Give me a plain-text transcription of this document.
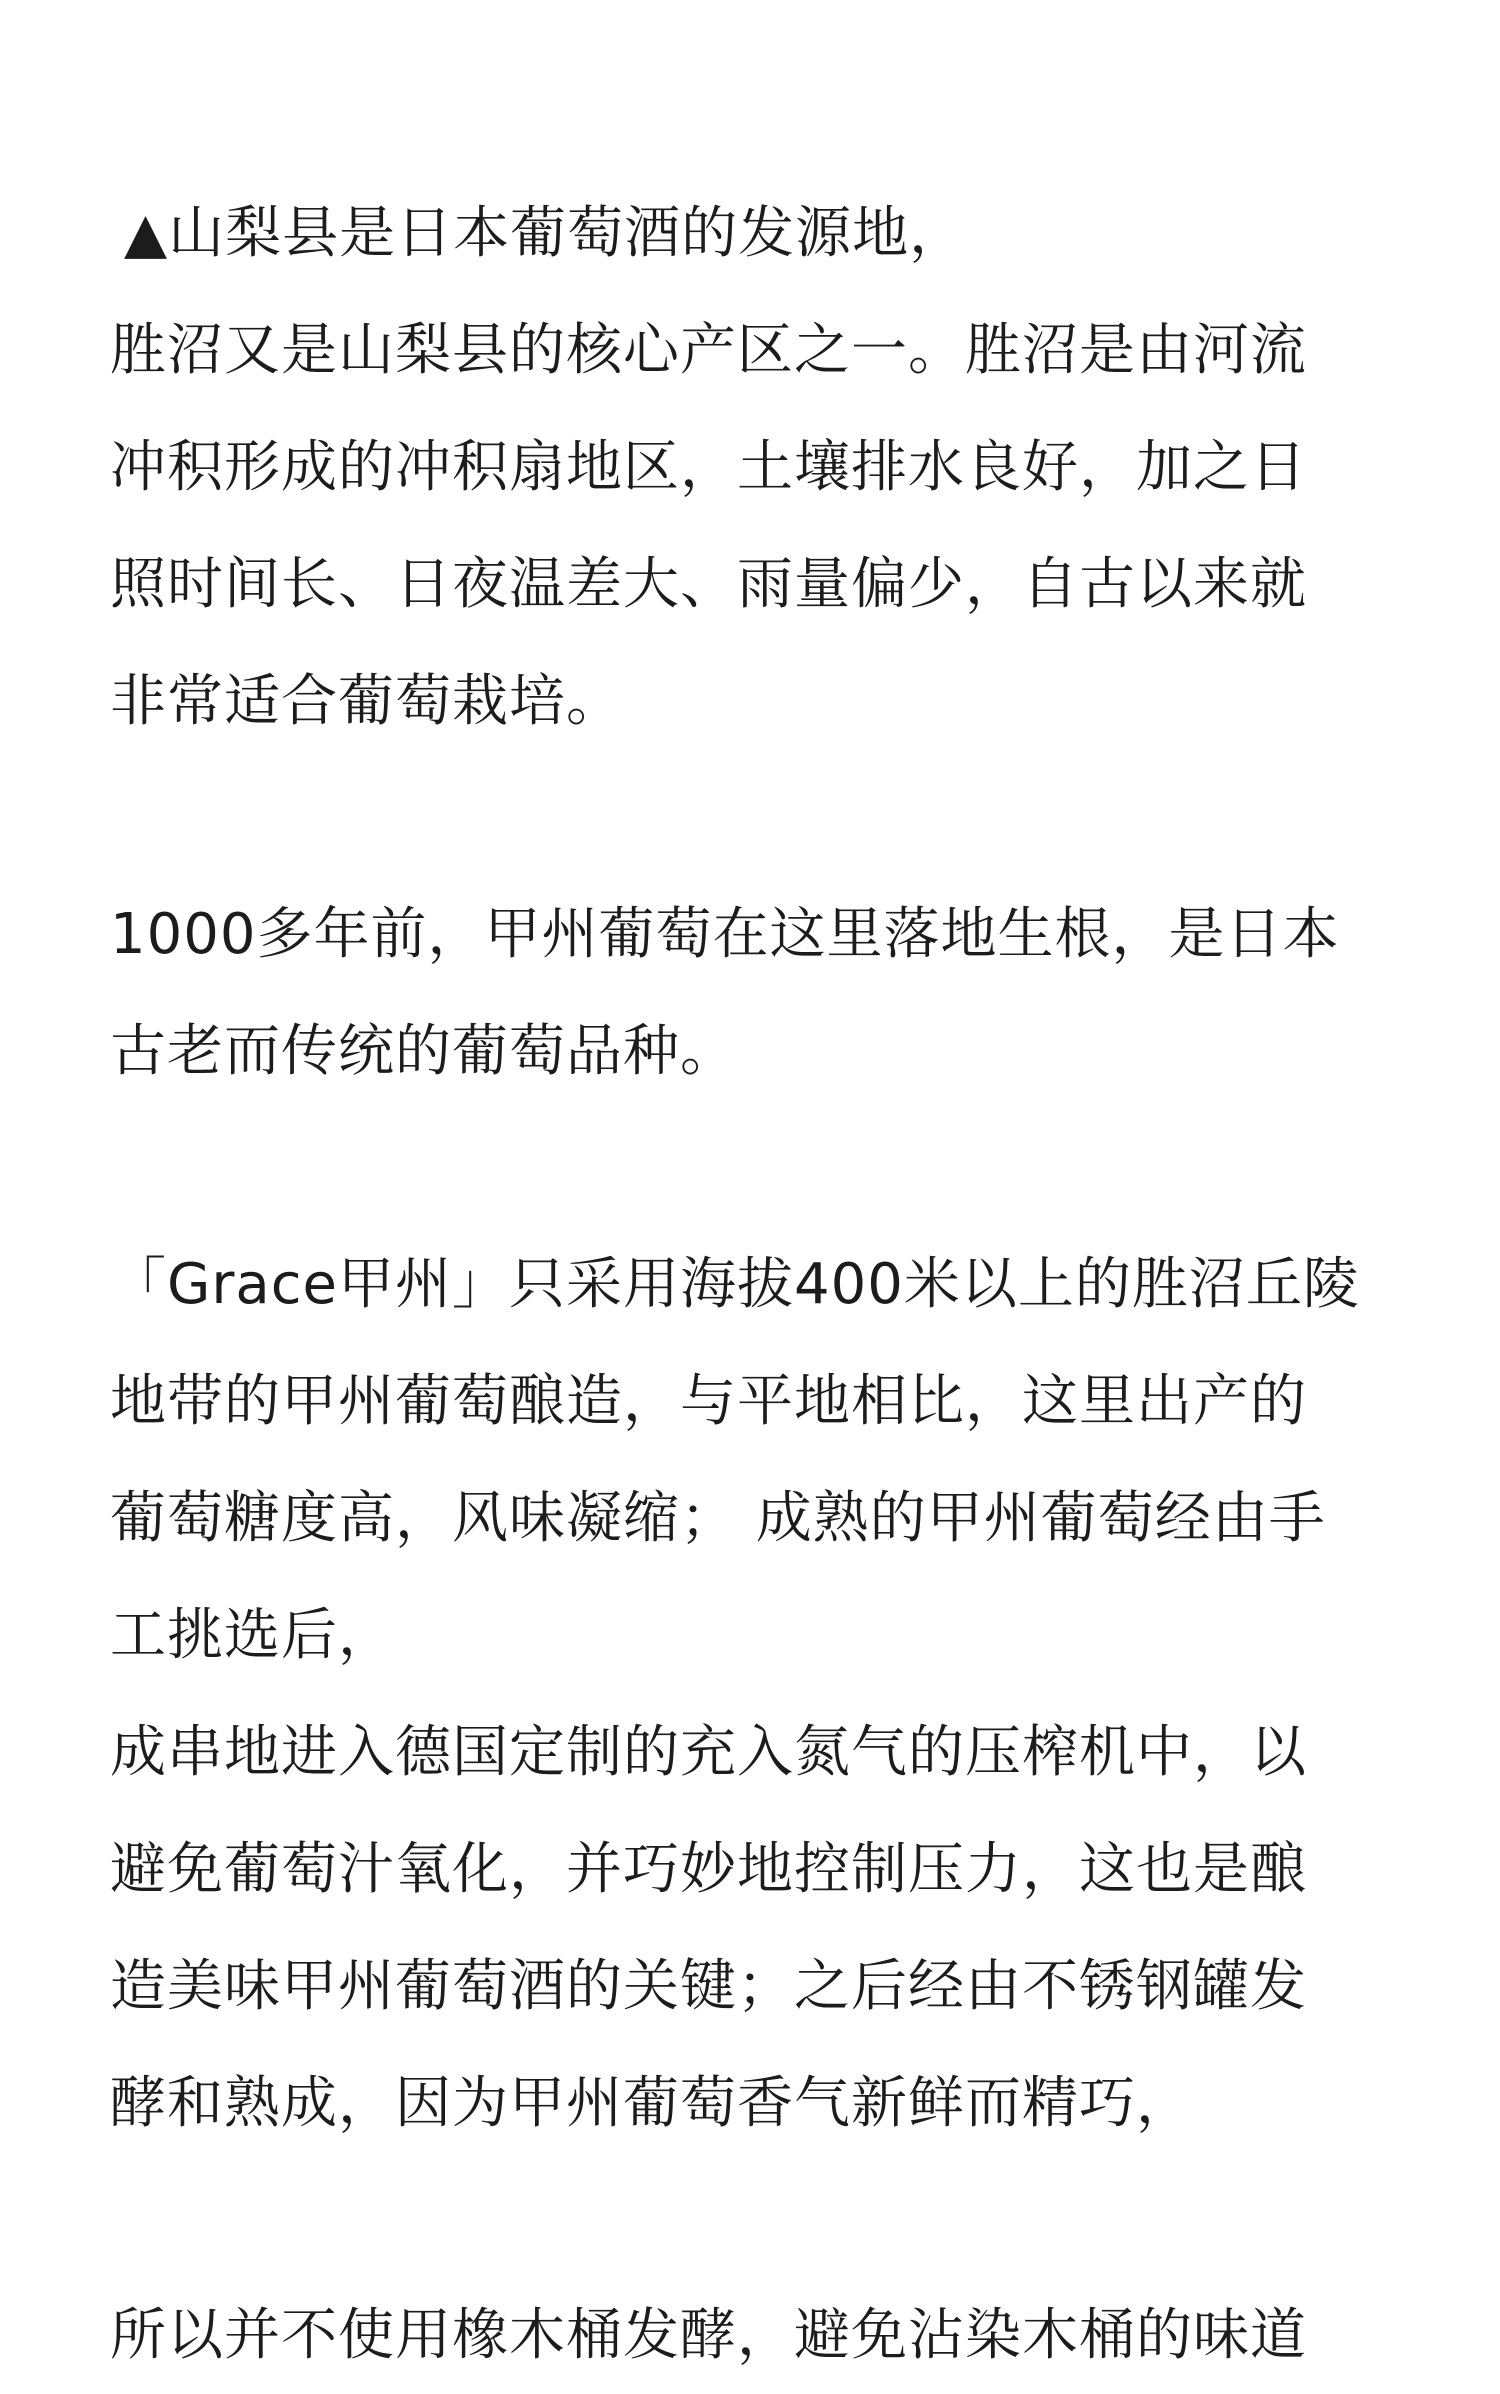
▲山梨县是日本葡萄酒的发源地，
胜沼又是山梨县的核心产区之一。胜沼是由河流
冲积形成的冲积扇地区，土壤排水良好，加之日
照时间长、日夜温差大、雨量偏少，自古以来就
非常适合葡萄栽培。
1000多年前，甲州葡萄在这里落地生根，是日本
古老而传统的葡萄品种。
「Grace甲州」只采用海拔400米以上的胜沼丘陵
地带的甲州葡萄酿造，与平地相比，这里出产的
葡萄糖度高，风味凝缩； 成熟的甲州葡萄经由手
工挑选后，
成串地进入德国定制的充入氮气的压榨机中，以
避免葡萄汁氧化，并巧妙地控制压力，这也是酿
造美味甲州葡萄酒的关键；之后经由不锈钢罐发
酵和熟成，因为甲州葡萄香气新鲜而精巧，
所以并不使用橡木桶发酵，避免沾染木桶的味道
